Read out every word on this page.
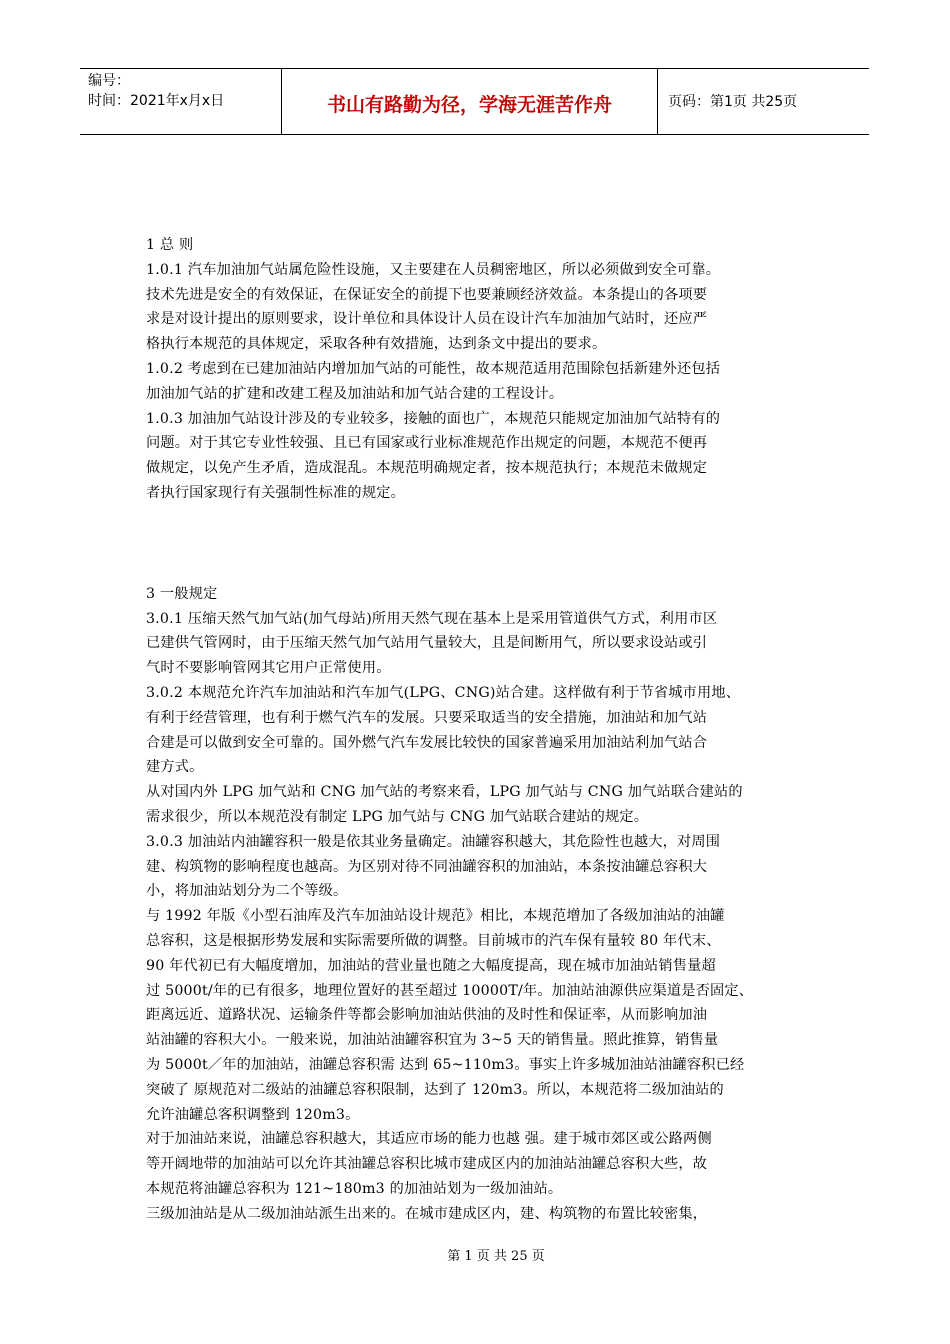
编号：
时间：2021年x月x日	书山有路勤为径，学海无涯苦作舟	页码：第1页 共25页

1 总 则

1.0.1 汽车加油加气站属危险性设施，又主要建在人员稠密地区，所以必须做到安全可靠。

技术先进是安全的有效保证，在保证安全的前提下也要兼顾经济效益。本条提山的各项要

求是对设计提出的原则要求，设计单位和具体设计人员在设计汽车加油加气站时，还应严

格执行本规范的具体规定，采取各种有效措施，达到条文中提出的要求。

1.0.2 考虑到在已建加油站内增加加气站的可能性，故本规范适用范围除包括新建外还包括

加油加气站的扩建和改建工程及加油站和加气站合建的工程设计。

1.0.3 加油加气站设计涉及的专业较多，接触的面也广，本规范只能规定加油加气站特有的

问题。对于其它专业性较强、且已有国家或行业标准规范作出规定的问题，本规范不便再

做规定，以免产生矛盾，造成混乱。本规范明确规定者，按本规范执行；本规范未做规定

者执行国家现行有关强制性标准的规定。

3 一般规定

3.0.1 压缩天然气加气站(加气母站)所用天然气现在基本上是采用管道供气方式，利用市区

已建供气管网时，由于压缩天然气加气站用气量较大，且是间断用气，所以要求设站或引

气时不要影响管网其它用户正常使用。

3.0.2 本规范允许汽车加油站和汽车加气(LPG、CNG)站合建。这样做有利于节省城市用地、

有利于经营管理，也有利于燃气汽车的发展。只要采取适当的安全措施，加油站和加气站

合建是可以做到安全可靠的。国外燃气汽车发展比较快的国家普遍采用加油站利加气站合

建方式。

从对国内外 LPG 加气站和 CNG 加气站的考察来看，LPG 加气站与 CNG 加气站联合建站的

需求很少，所以本规范没有制定 LPG 加气站与 CNG 加气站联合建站的规定。

3.0.3 加油站内油罐容积一般是依其业务量确定。油罐容积越大，其危险性也越大，对周围

建、构筑物的影响程度也越高。为区别对待不同油罐容积的加油站，本条按油罐总容积大

小，将加油站划分为二个等级。

与 1992 年版《小型石油库及汽车加油站设计规范》相比，本规范增加了各级加油站的油罐

总容积，这是根据形势发展和实际需要所做的调整。目前城市的汽车保有量较 80 年代末、

90 年代初已有大幅度增加，加油站的营业量也随之大幅度提高，现在城市加油站销售量超

过 5000t/年的已有很多，地理位置好的甚至超过 10000T/年。加油站油源供应渠道是否固定、

距离远近、道路状况、运输条件等都会影响加油站供油的及时性和保证率，从而影响加油

站油罐的容积大小。一般来说，加油站油罐容积宜为 3~5 天的销售量。照此推算，销售量

为 5000t／年的加油站，油罐总容积需 达到 65~110m3。事实上许多城加油站油罐容积已经

突破了 原规范对二级站的油罐总容积限制，达到了 120m3。所以，本规范将二级加油站的

允许油罐总客积调整到 120m3。

对于加油站来说，油罐总容积越大，其适应市场的能力也越 强。建于城市郊区或公路两侧

等开阔地带的加油站可以允许其油罐总容积比城市建成区内的加油站油罐总容积大些，故

本规范将油罐总容积为 121~180m3 的加油站划为一级加油站。

三级加油站是从二级加油站派生出来的。在城市建成区内，建、构筑物的布置比较密集，

第 1 页 共 25 页
